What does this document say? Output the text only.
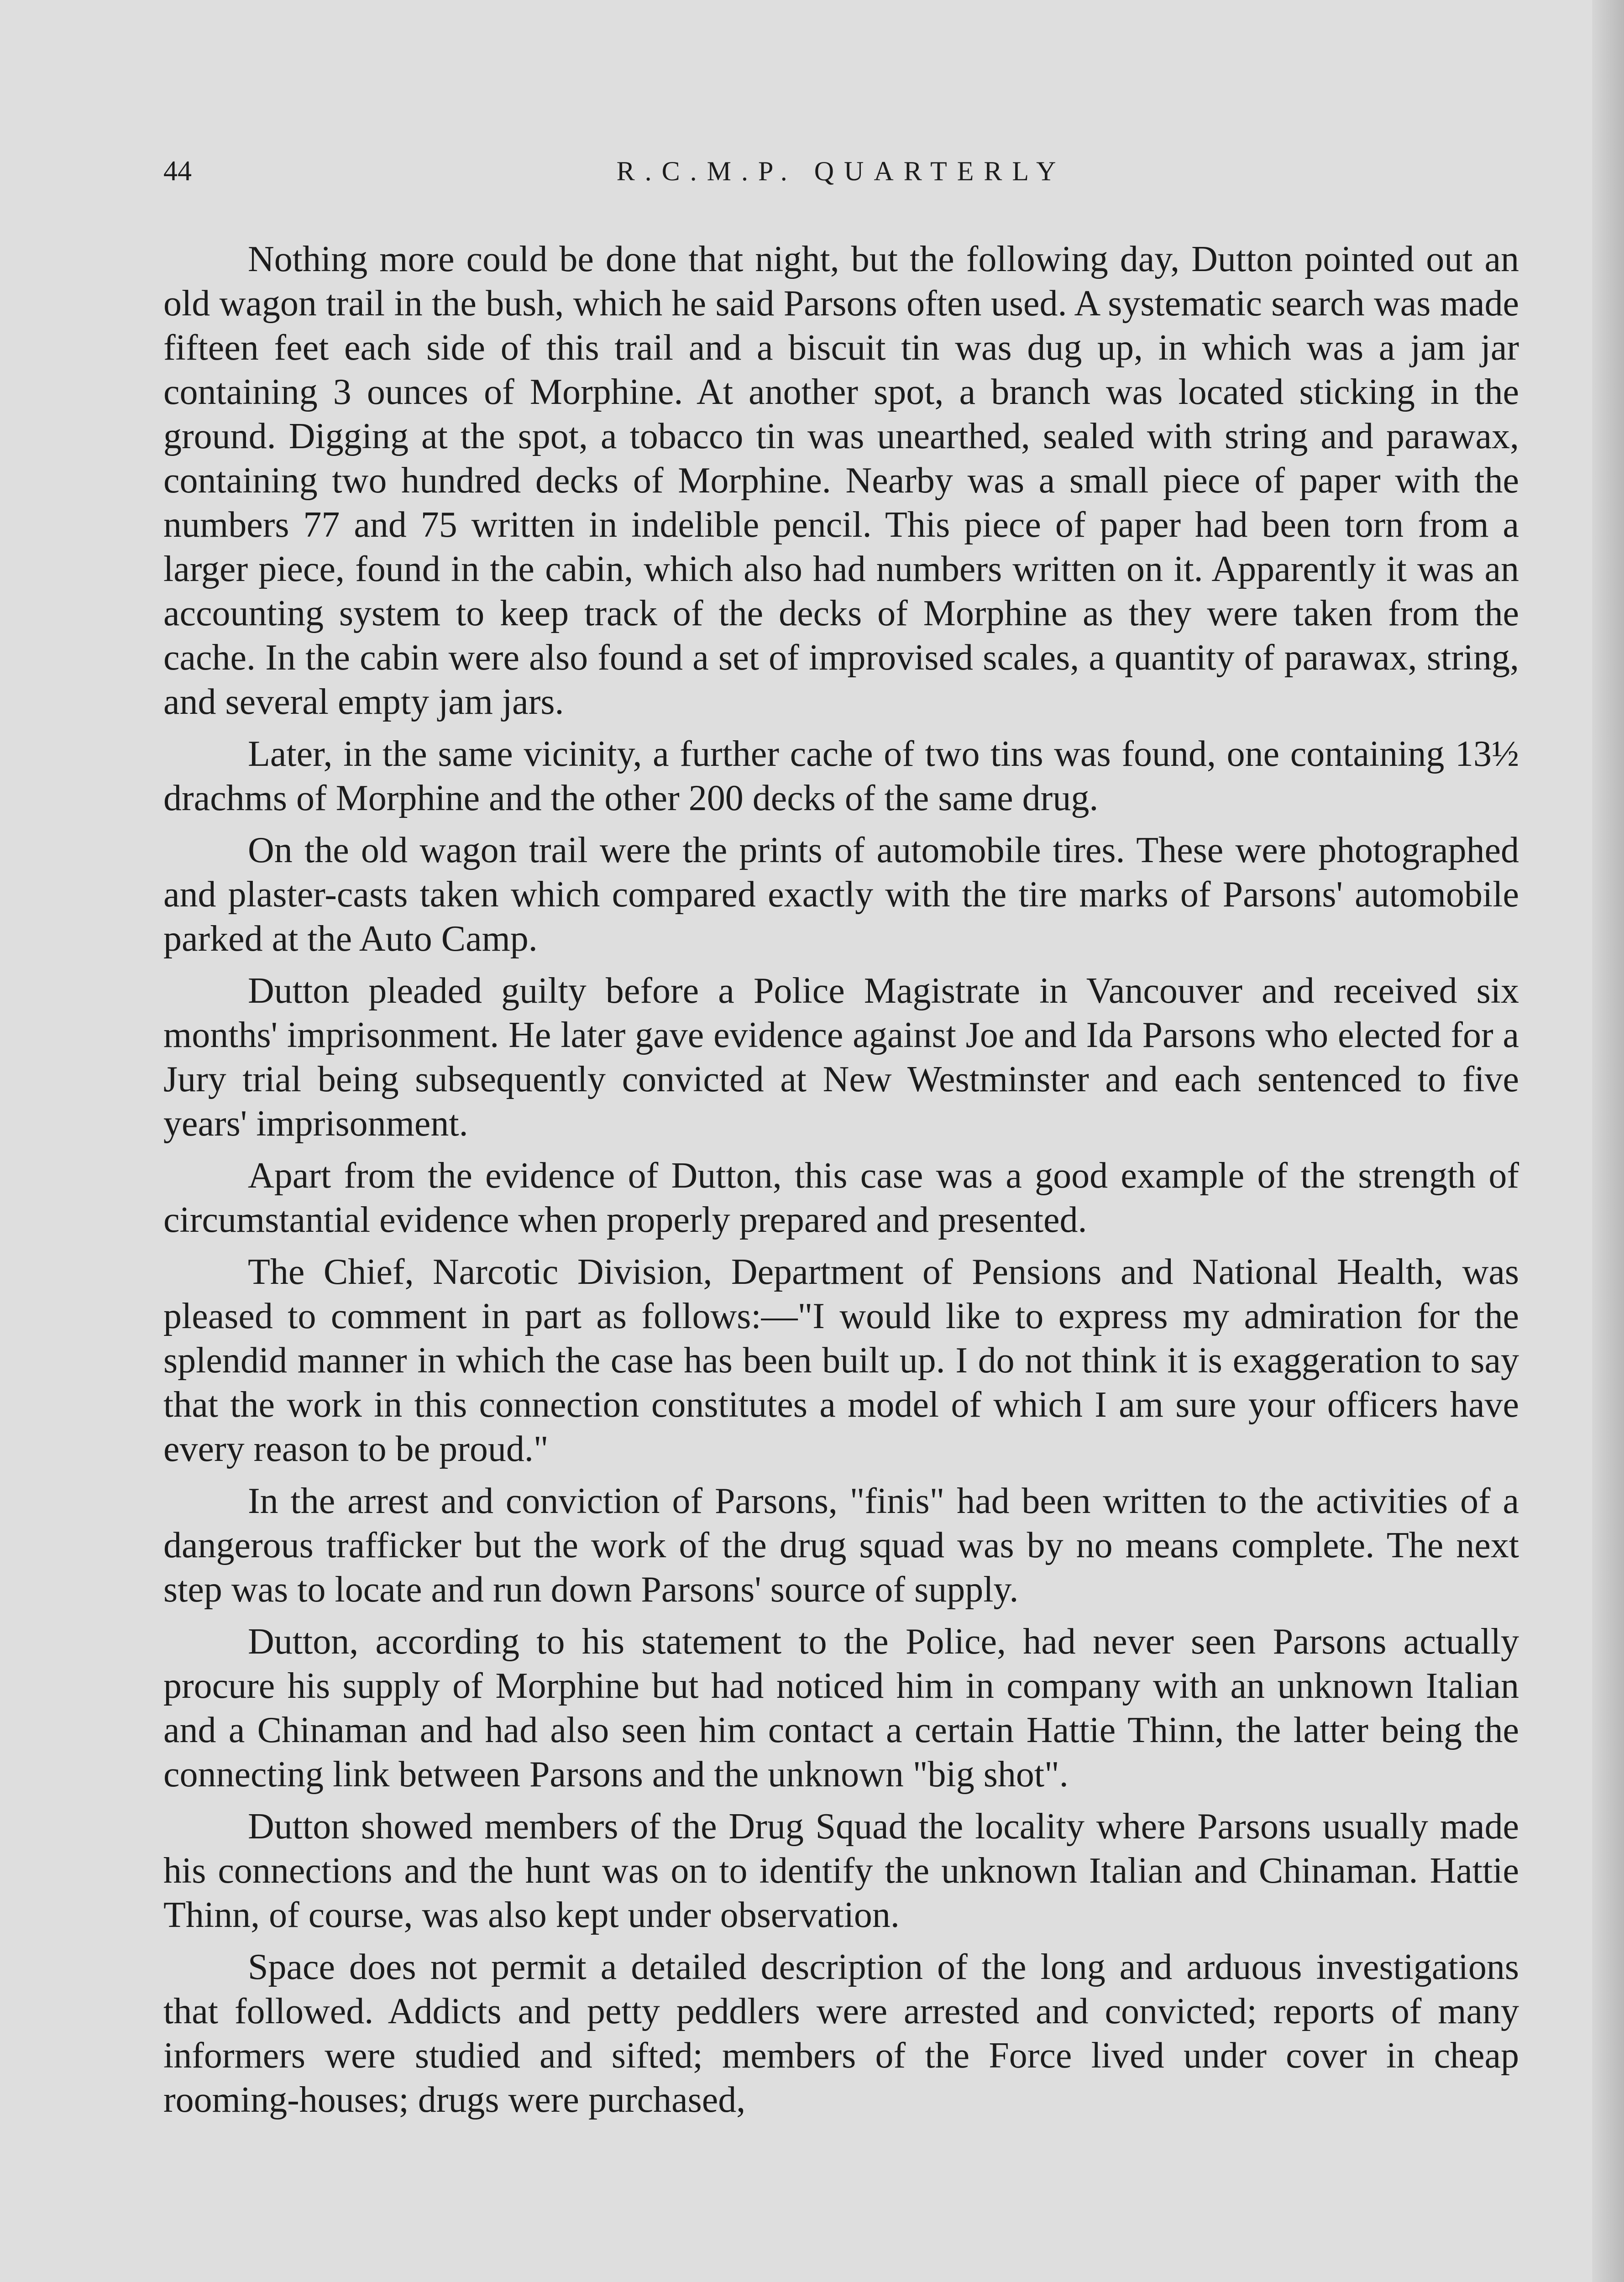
44	R.C.M.P. QUARTERLY

Nothing more could be done that night, but the following day, Dutton pointed out an old wagon trail in the bush, which he said Parsons often used. A systematic search was made fifteen feet each side of this trail and a biscuit tin was dug up, in which was a jam jar containing 3 ounces of Morphine. At another spot, a branch was located sticking in the ground. Digging at the spot, a tobacco tin was unearthed, sealed with string and parawax, containing two hundred decks of Morphine. Nearby was a small piece of paper with the numbers 77 and 75 written in indelible pencil. This piece of paper had been torn from a larger piece, found in the cabin, which also had numbers written on it. Apparently it was an accounting system to keep track of the decks of Morphine as they were taken from the cache. In the cabin were also found a set of improvised scales, a quantity of parawax, string, and several empty jam jars.

Later, in the same vicinity, a further cache of two tins was found, one containing 13½ drachms of Morphine and the other 200 decks of the same drug.

On the old wagon trail were the prints of automobile tires. These were photographed and plaster-casts taken which compared exactly with the tire marks of Parsons' automobile parked at the Auto Camp.

Dutton pleaded guilty before a Police Magistrate in Vancouver and received six months' imprisonment. He later gave evidence against Joe and Ida Parsons who elected for a Jury trial being subsequently convicted at New Westminster and each sentenced to five years' imprisonment.

Apart from the evidence of Dutton, this case was a good example of the strength of circumstantial evidence when properly prepared and presented.

The Chief, Narcotic Division, Department of Pensions and National Health, was pleased to comment in part as follows:—"I would like to express my admiration for the splendid manner in which the case has been built up. I do not think it is exaggeration to say that the work in this connection constitutes a model of which I am sure your officers have every reason to be proud."

In the arrest and conviction of Parsons, "finis" had been written to the activities of a dangerous trafficker but the work of the drug squad was by no means complete. The next step was to locate and run down Parsons' source of supply.

Dutton, according to his statement to the Police, had never seen Parsons actually procure his supply of Morphine but had noticed him in company with an unknown Italian and a Chinaman and had also seen him contact a certain Hattie Thinn, the latter being the connecting link between Parsons and the unknown "big shot".

Dutton showed members of the Drug Squad the locality where Parsons usually made his connections and the hunt was on to identify the unknown Italian and Chinaman. Hattie Thinn, of course, was also kept under observation.

Space does not permit a detailed description of the long and arduous investigations that followed. Addicts and petty peddlers were arrested and convicted; reports of many informers were studied and sifted; members of the Force lived under cover in cheap rooming-houses; drugs were purchased,
